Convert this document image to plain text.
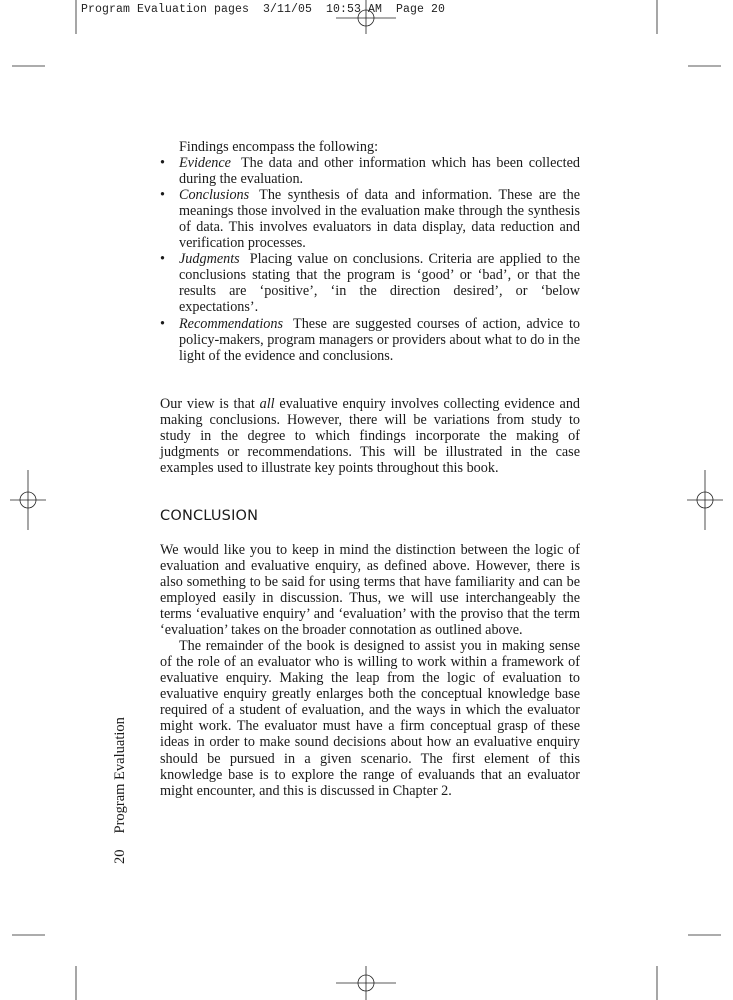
Program Evaluation pages  3/11/05  10:53 AM  Page 20

Findings encompass the following:

• Evidence The data and other information which has been collected during the evaluation.
• Conclusions The synthesis of data and information. These are the meanings those involved in the evaluation make through the synthesis of data. This involves evaluators in data display, data reduction and verification processes.
• Judgments Placing value on conclusions. Criteria are applied to the conclusions stating that the program is ‘good’ or ‘bad’, or that the results are ‘positive’, ‘in the direction desired’, or ‘below expectations’.
• Recommendations These are suggested courses of action, advice to policy-makers, program managers or providers about what to do in the light of the evidence and conclusions.

Our view is that all evaluative enquiry involves collecting evidence and making conclusions. However, there will be variations from study to study in the degree to which findings incorporate the making of judgments or recommendations. This will be illustrated in the case examples used to illustrate key points throughout this book.

CONCLUSION

We would like you to keep in mind the distinction between the logic of evaluation and evaluative enquiry, as defined above. However, there is also something to be said for using terms that have familiarity and can be employed easily in discussion. Thus, we will use interchangeably the terms ‘evaluative enquiry’ and ‘evaluation’ with the proviso that the term ‘evaluation’ takes on the broader connotation as outlined above.

The remainder of the book is designed to assist you in making sense of the role of an evaluator who is willing to work within a framework of evaluative enquiry. Making the leap from the logic of evaluation to evaluative enquiry greatly enlarges both the conceptual knowledge base required of a student of evaluation, and the ways in which the evaluator might work. The evaluator must have a firm conceptual grasp of these ideas in order to make sound decisions about how an evaluative enquiry should be pursued in a given scenario. The first element of this knowledge base is to explore the range of evaluands that an evaluator might encounter, and this is discussed in Chapter 2.

20Program Evaluation
